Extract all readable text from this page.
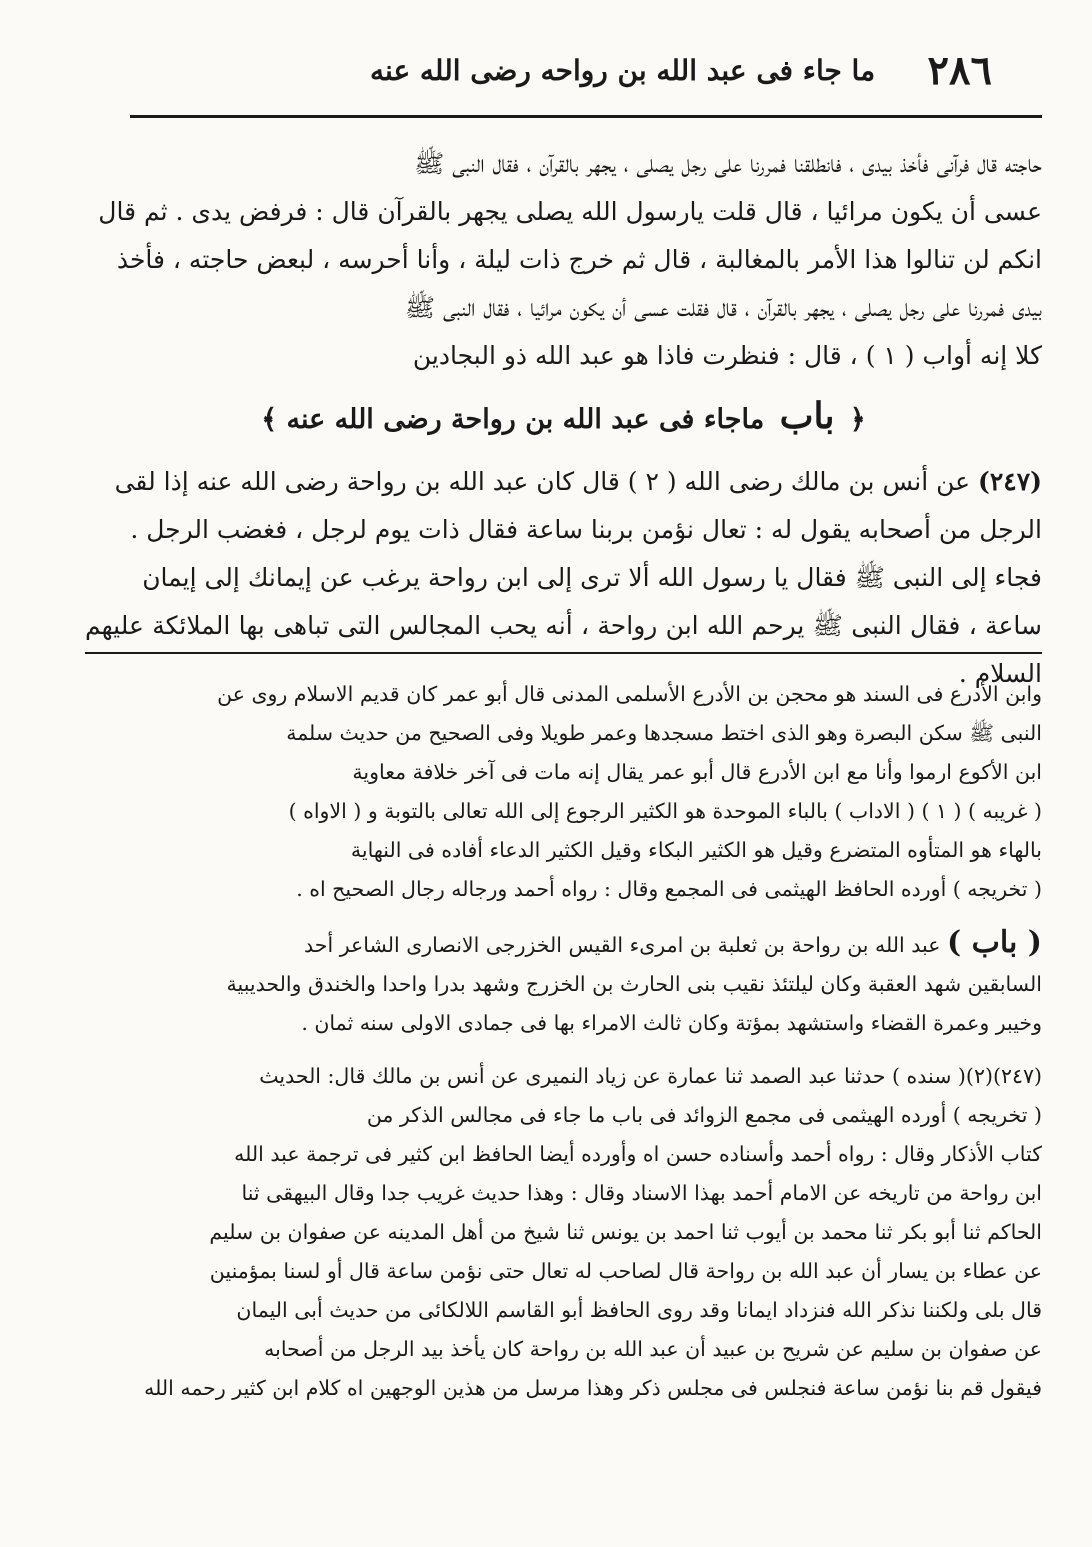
٢٨٦
ما جاء فى عبد الله بن رواحه رضى الله عنه

حاجته قال فرآنى فأخذ بيدى ، فانطلقنا فمررنا على رجل يصلى ، يجهر بالقرآن ، فقال النبى ﷺ

عسى أن يكون مرائيا ، قال قلت يارسول الله يصلى يجهر بالقرآن قال : فرفض يدى . ثم قال

انكم لن تنالوا هذا الأمر بالمغالبة ، قال ثم خرج ذات ليلة ، وأنا أحرسه ، لبعض حاجته ، فأخذ

بيدى فمررنا على رجل يصلى ، يجهر بالقرآن ، قال فقلت عسى أن يكون مرائيا ، فقال النبى ﷺ

كلا إنه أواب ( ١ ) ، قال : فنظرت فاذا هو عبد الله ذو البجادين

﴿ باب ماجاء فى عبد الله بن رواحة رضى الله عنه ﴾

(٢٤٧) عن أنس بن مالك رضى الله ( ٢ ) قال كان عبد الله بن رواحة رضى الله عنه إذا لقى

الرجل من أصحابه يقول له : تعال نؤمن بربنا ساعة فقال ذات يوم لرجل ، فغضب الرجل .

فجاء إلى النبى ﷺ فقال يا رسول الله ألا ترى إلى ابن رواحة يرغب عن إيمانك إلى إيمان

ساعة ، فقال النبى ﷺ يرحم الله ابن رواحة ، أنه يحب المجالس التى تباهى بها الملائكة عليهم السلام .

وابن الأدرع فى السند هو محجن بن الأدرع الأسلمى المدنى قال أبو عمر كان قديم الاسلام روى عن

النبى ﷺ سكن البصرة وهو الذى اختط مسجدها وعمر طويلا وفى الصحيح من حديث سلمة

ابن الأكوع ارموا وأنا مع ابن الأدرع قال أبو عمر يقال إنه مات فى آخر خلافة معاوية

( غريبه ) ( ١ ) ( الاداب ) بالباء الموحدة هو الكثير الرجوع إلى الله تعالى بالتوبة و ( الاواه )

بالهاء هو المتأوه المتضرع وقيل هو الكثير البكاء وقيل الكثير الدعاء أفاده فى النهاية

( تخريجه ) أورده الحافظ الهيثمى فى المجمع وقال : رواه أحمد ورجاله رجال الصحيح اه .

( باب ) عبد الله بن رواحة بن ثعلبة بن امرىء القيس الخزرجى الانصارى الشاعر أحد

السابقين شهد العقبة وكان ليلتئذ نقيب بنى الحارث بن الخزرج وشهد بدرا واحدا والخندق والحديبية

وخيبر وعمرة القضاء واستشهد بمؤتة وكان ثالث الامراء بها فى جمادى الاولى سنه ثمان .

(٢٤٧)(٢)( سنده ) حدثنا عبد الصمد ثنا عمارة عن زياد النميرى عن أنس بن مالك قال: الحديث

( تخريجه ) أورده الهيثمى فى مجمع الزوائد فى باب ما جاء فى مجالس الذكر من

كتاب الأذكار وقال : رواه أحمد وأسناده حسن اه وأورده أيضا الحافظ ابن كثير فى ترجمة عبد الله

ابن رواحة من تاريخه عن الامام أحمد بهذا الاسناد وقال : وهذا حديث غريب جدا وقال البيهقى ثنا

الحاكم ثنا أبو بكر ثنا محمد بن أيوب ثنا احمد بن يونس ثنا شيخ من أهل المدينه عن صفوان بن سليم

عن عطاء بن يسار أن عبد الله بن رواحة قال لصاحب له تعال حتى نؤمن ساعة قال أو لسنا بمؤمنين

قال بلى ولكننا نذكر الله فنزداد ايمانا وقد روى الحافظ أبو القاسم اللالكائى من حديث أبى اليمان

عن صفوان بن سليم عن شريح بن عبيد أن عبد الله بن رواحة كان يأخذ بيد الرجل من أصحابه

فيقول قم بنا نؤمن ساعة فنجلس فى مجلس ذكر وهذا مرسل من هذين الوجهين اه كلام ابن كثير رحمه الله
